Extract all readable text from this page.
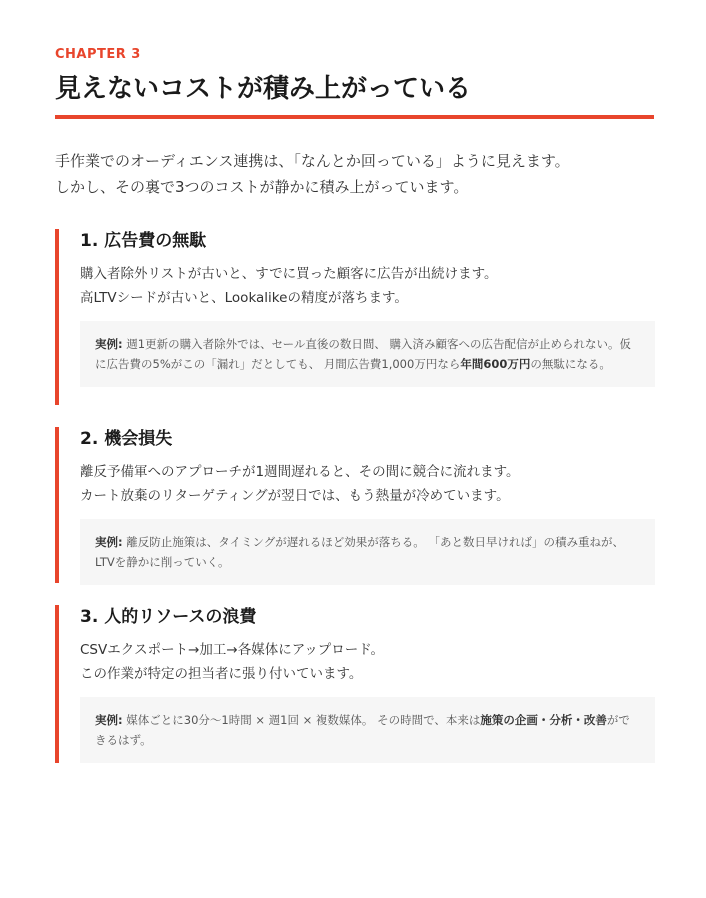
CHAPTER 3
見えないコストが積み上がっている

手作業でのオーディエンス連携は、「なんとか回っている」ように見えます。

しかし、その裏で3つのコストが静かに積み上がっています。

1. 広告費の無駄

購入者除外リストが古いと、すでに買った顧客に広告が出続けます。

高LTVシードが古いと、Lookalikeの精度が落ちます。

実例: 週1更新の購入者除外では、セール直後の数日間、 購入済み顧客への広告配信が止められない。仮に広告費の5%がこの「漏れ」だとしても、 月間広告費1,000万円なら年間600万円の無駄になる。
2. 機会損失

離反予備軍へのアプローチが1週間遅れると、その間に競合に流れます。

カート放棄のリターゲティングが翌日では、もう熱量が冷めています。

実例: 離反防止施策は、タイミングが遅れるほど効果が落ちる。 「あと数日早ければ」の積み重ねが、LTVを静かに削っていく。
3. 人的リソースの浪費

CSVエクスポート→加工→各媒体にアップロード。

この作業が特定の担当者に張り付いています。

実例: 媒体ごとに30分〜1時間 × 週1回 × 複数媒体。 その時間で、本来は施策の企画・分析・改善ができるはず。
